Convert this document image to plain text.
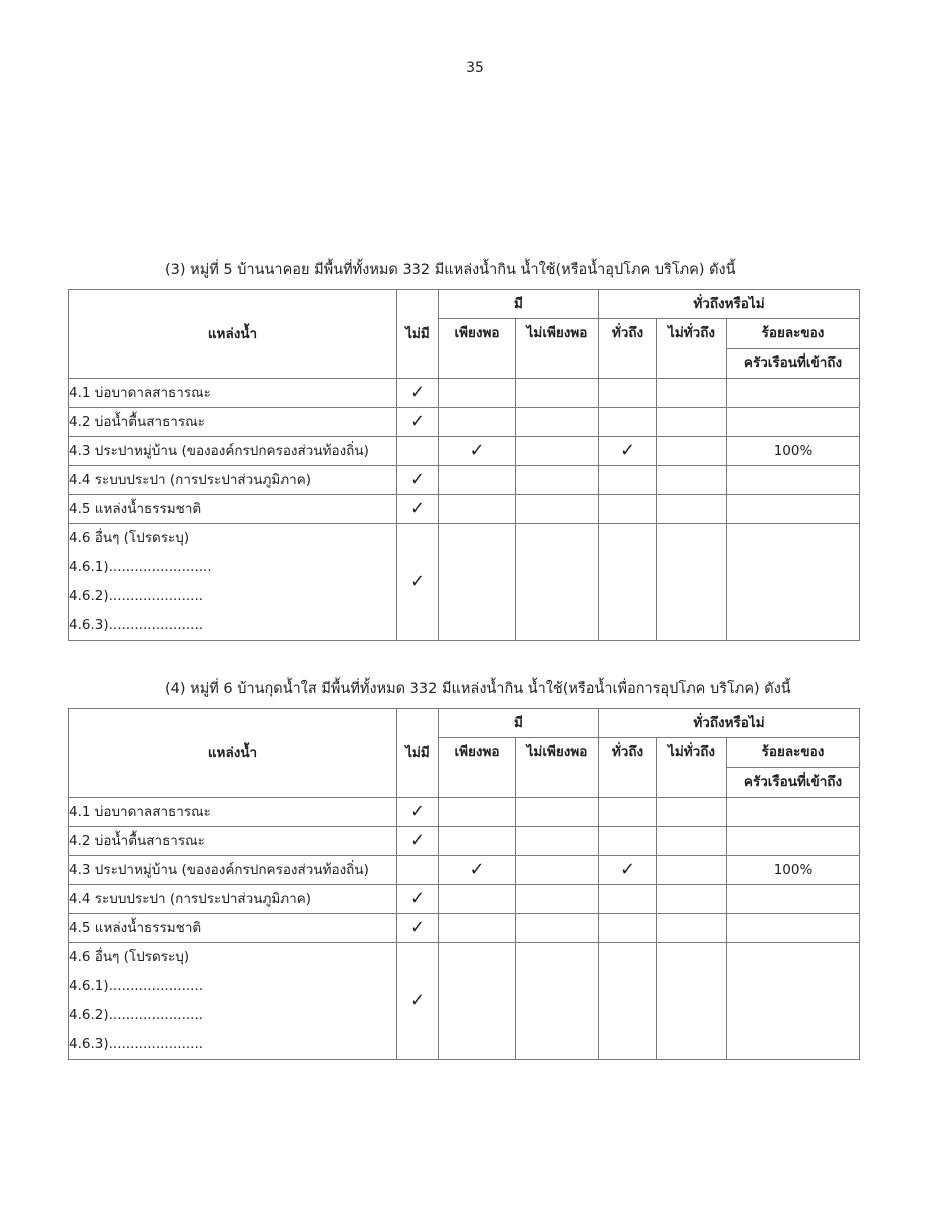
35
(3) หมู่ที่ 5 บ้านนาคอย มีพื้นที่ทั้งหมด 332 มีแหล่งน้ำกิน น้ำใช้(หรือน้ำอุปโภค บริโภค) ดังนี้
แหล่งน้ำ	ไม่มี	มี		ทั่วถึงหรือไม่		
		เพียงพอ	ไม่เพียงพอ	ทั่วถึง	ไม่ทั่วถึง	ร้อยละของ
						ครัวเรือนที่เข้าถึง
4.1 บ่อบาดาลสาธารณะ	✓					
4.2 บ่อน้ำตื้นสาธารณะ	✓					
4.3 ประปาหมู่บ้าน (ขององค์กรปกครองส่วนท้องถิ่น)		✓		✓		100%
4.4 ระบบประปา (การประปาส่วนภูมิภาค)	✓					
4.5 แหล่งน้ำธรรมชาติ	✓					

4.6 อื่นๆ (โปรดระบุ)
4.6.1)........................
4.6.2)......................
4.6.3)......................	✓					
(4) หมู่ที่ 6 บ้านกุดน้ำใส มีพื้นที่ทั้งหมด 332 มีแหล่งน้ำกิน น้ำใช้(หรือน้ำเพื่อการอุปโภค บริโภค) ดังนี้
แหล่งน้ำ	ไม่มี	มี		ทั่วถึงหรือไม่		
		เพียงพอ	ไม่เพียงพอ	ทั่วถึง	ไม่ทั่วถึง	ร้อยละของ
						ครัวเรือนที่เข้าถึง
4.1 บ่อบาดาลสาธารณะ	✓					
4.2 บ่อน้ำตื้นสาธารณะ	✓					
4.3 ประปาหมู่บ้าน (ขององค์กรปกครองส่วนท้องถิ่น)		✓		✓		100%
4.4 ระบบประปา (การประปาส่วนภูมิภาค)	✓					
4.5 แหล่งน้ำธรรมชาติ	✓					

4.6 อื่นๆ (โปรดระบุ)
4.6.1)......................
4.6.2)......................
4.6.3)......................	✓					
